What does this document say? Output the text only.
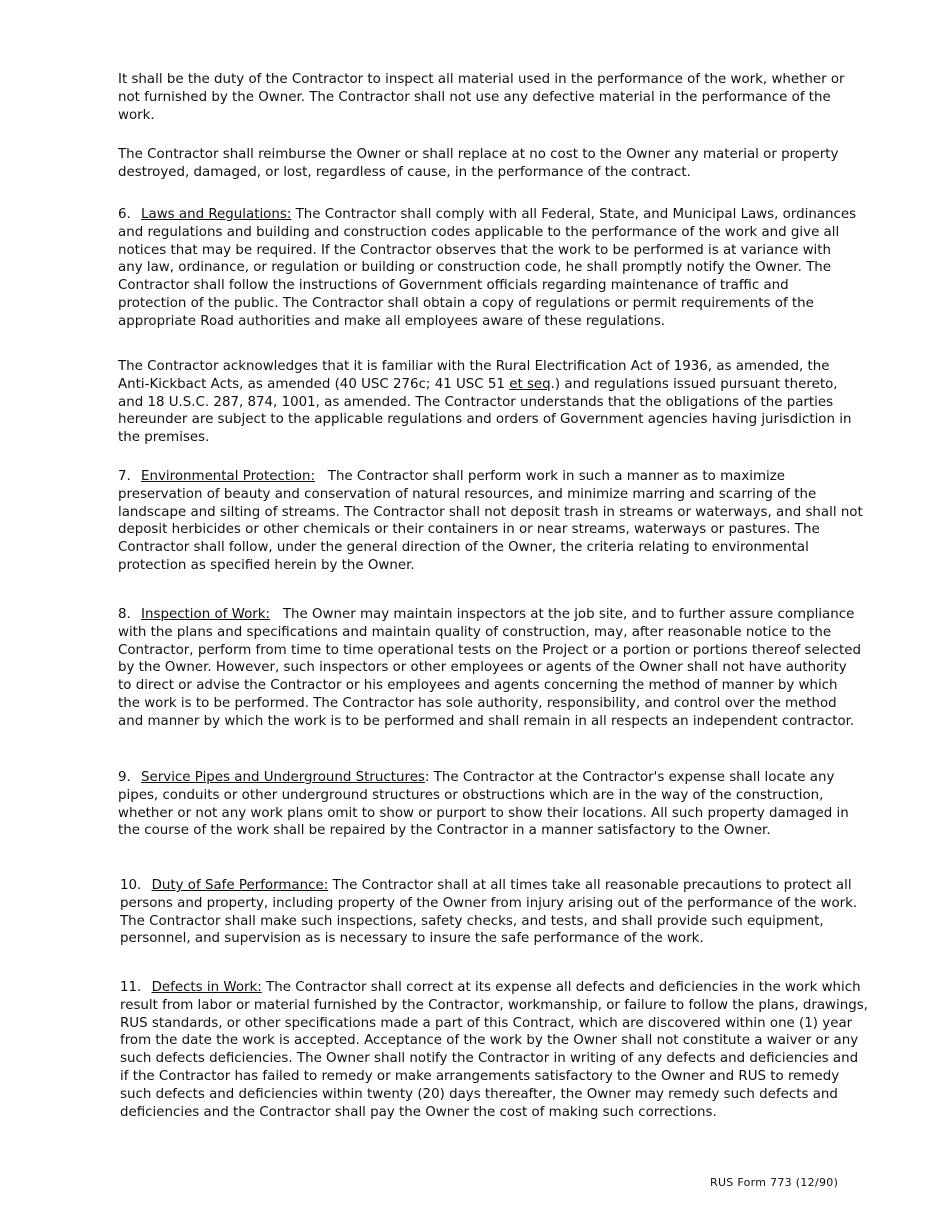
It shall be the duty of the Contractor to inspect all material used in the performance of the work, whether or not furnished by the Owner. The Contractor shall not use any defective material in the performance of the work.

The Contractor shall reimburse the Owner or shall replace at no cost to the Owner any material or property destroyed, damaged, or lost, regardless of cause, in the performance of the contract.

6. Laws and Regulations: The Contractor shall comply with all Federal, State, and Municipal Laws, ordinances and regulations and building and construction codes applicable to the performance of the work and give all notices that may be required. If the Contractor observes that the work to be performed is at variance with any law, ordinance, or regulation or building or construction code, he shall promptly notify the Owner. The Contractor shall follow the instructions of Government officials regarding maintenance of traffic and protection of the public. The Contractor shall obtain a copy of regulations or permit requirements of the appropriate Road authorities and make all employees aware of these regulations.

The Contractor acknowledges that it is familiar with the Rural Electrification Act of 1936, as amended, the Anti-Kickbact Acts, as amended (40 USC 276c; 41 USC 51 et seq.) and regulations issued pursuant thereto, and 18 U.S.C. 287, 874, 1001, as amended. The Contractor understands that the obligations of the parties hereunder are subject to the applicable regulations and orders of Government agencies having jurisdiction in the premises.

7. Environmental Protection:   The Contractor shall perform work in such a manner as to maximize preservation of beauty and conservation of natural resources, and minimize marring and scarring of the landscape and silting of streams. The Contractor shall not deposit trash in streams or waterways, and shall not deposit herbicides or other chemicals or their containers in or near streams, waterways or pastures. The Contractor shall follow, under the general direction of the Owner, the criteria relating to environmental protection as specified herein by the Owner.

8. Inspection of Work:   The Owner may maintain inspectors at the job site, and to further assure compliance with the plans and specifications and maintain quality of construction, may, after reasonable notice to the Contractor, perform from time to time operational tests on the Project or a portion or portions thereof selected by the Owner. However, such inspectors or other employees or agents of the Owner shall not have authority to direct or advise the Contractor or his employees and agents concerning the method of manner by which the work is to be performed. The Contractor has sole authority, responsibility, and control over the method and manner by which the work is to be performed and shall remain in all respects an independent contractor.

9. Service Pipes and Underground Structures: The Contractor at the Contractor's expense shall locate any pipes, conduits or other underground structures or obstructions which are in the way of the construction, whether or not any work plans omit to show or purport to show their locations. All such property damaged in the course of the work shall be repaired by the Contractor in a manner satisfactory to the Owner.

10. Duty of Safe Performance: The Contractor shall at all times take all reasonable precautions to protect all persons and property, including property of the Owner from injury arising out of the performance of the work. The Contractor shall make such inspections, safety checks, and tests, and shall provide such equipment, personnel, and supervision as is necessary to insure the safe performance of the work.

11. Defects in Work: The Contractor shall correct at its expense all defects and deficiencies in the work which result from labor or material furnished by the Contractor, workmanship, or failure to follow the plans, drawings, RUS standards, or other specifications made a part of this Contract, which are discovered within one (1) year from the date the work is accepted. Acceptance of the work by the Owner shall not constitute a waiver or any such defects deficiencies. The Owner shall notify the Contractor in writing of any defects and deficiencies and if the Contractor has failed to remedy or make arrangements satisfactory to the Owner and RUS to remedy such defects and deficiencies within twenty (20) days thereafter, the Owner may remedy such defects and deficiencies and the Contractor shall pay the Owner the cost of making such corrections.

RUS Form 773 (12/90)
